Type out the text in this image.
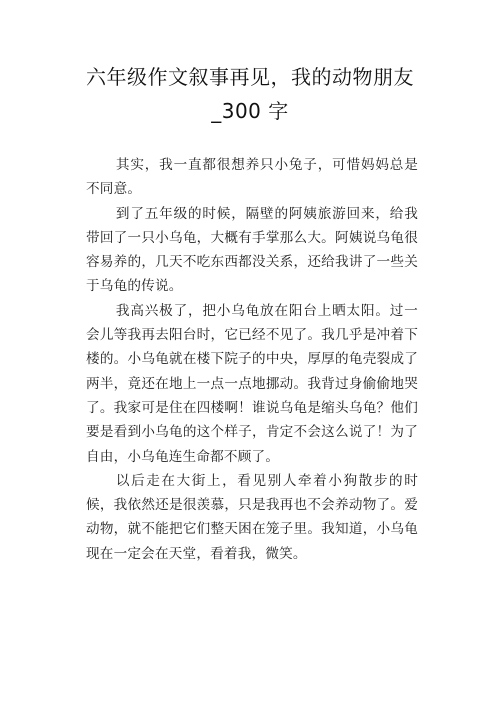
六年级作文叙事再见，我的动物朋友
_300 字

其实，我一直都很想养只小兔子，可惜妈妈总是不同意。

到了五年级的时候，隔壁的阿姨旅游回来，给我带回了一只小乌龟，大概有手掌那么大。阿姨说乌龟很容易养的，几天不吃东西都没关系，还给我讲了一些关于乌龟的传说。

我高兴极了，把小乌龟放在阳台上晒太阳。过一会儿等我再去阳台时，它已经不见了。我几乎是冲着下楼的。小乌龟就在楼下院子的中央，厚厚的龟壳裂成了两半，竟还在地上一点一点地挪动。我背过身偷偷地哭了。我家可是住在四楼啊！谁说乌龟是缩头乌龟？他们要是看到小乌龟的这个样子，肯定不会这么说了！为了自由，小乌龟连生命都不顾了。

以后走在大街上，看见别人牵着小狗散步的时候，我依然还是很羡慕，只是我再也不会养动物了。爱动物，就不能把它们整天困在笼子里。我知道，小乌龟现在一定会在天堂，看着我，微笑。
